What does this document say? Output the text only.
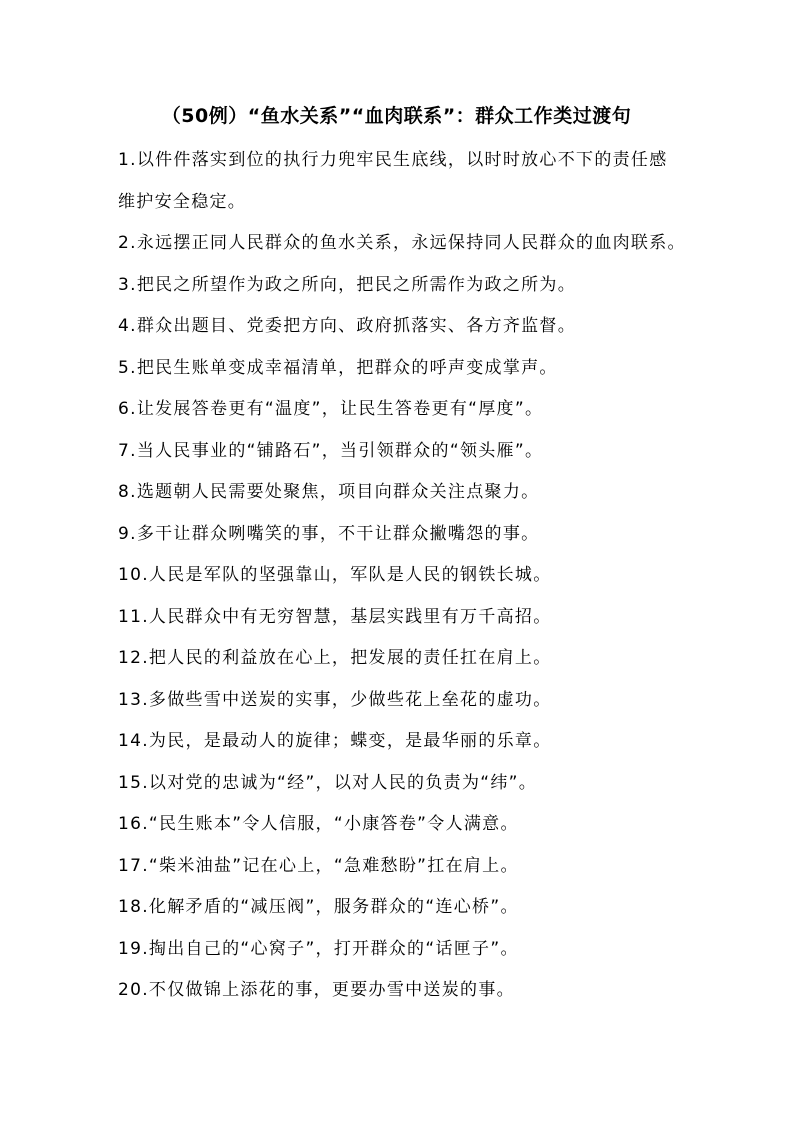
（50例）“鱼水关系”“血肉联系”：群众工作类过渡句
1.以件件落实到位的执行力兜牢民生底线，以时时放心不下的责任感
维护安全稳定。
2.永远摆正同人民群众的鱼水关系，永远保持同人民群众的血肉联系。
3.把民之所望作为政之所向，把民之所需作为政之所为。
4.群众出题目、党委把方向、政府抓落实、各方齐监督。
5.把民生账单变成幸福清单，把群众的呼声变成掌声。
6.让发展答卷更有“温度”，让民生答卷更有“厚度”。
7.当人民事业的“铺路石”，当引领群众的“领头雁”。
8.选题朝人民需要处聚焦，项目向群众关注点聚力。
9.多干让群众咧嘴笑的事，不干让群众撇嘴怨的事。
10.人民是军队的坚强靠山，军队是人民的钢铁长城。
11.人民群众中有无穷智慧，基层实践里有万千高招。
12.把人民的利益放在心上，把发展的责任扛在肩上。
13.多做些雪中送炭的实事，少做些花上垒花的虚功。
14.为民，是最动人的旋律；蝶变，是最华丽的乐章。
15.以对党的忠诚为“经”，以对人民的负责为“纬”。
16.“民生账本”令人信服，“小康答卷”令人满意。
17.“柴米油盐”记在心上，“急难愁盼”扛在肩上。
18.化解矛盾的“减压阀”，服务群众的“连心桥”。
19.掏出自己的“心窝子”，打开群众的“话匣子”。
20.不仅做锦上添花的事，更要办雪中送炭的事。
